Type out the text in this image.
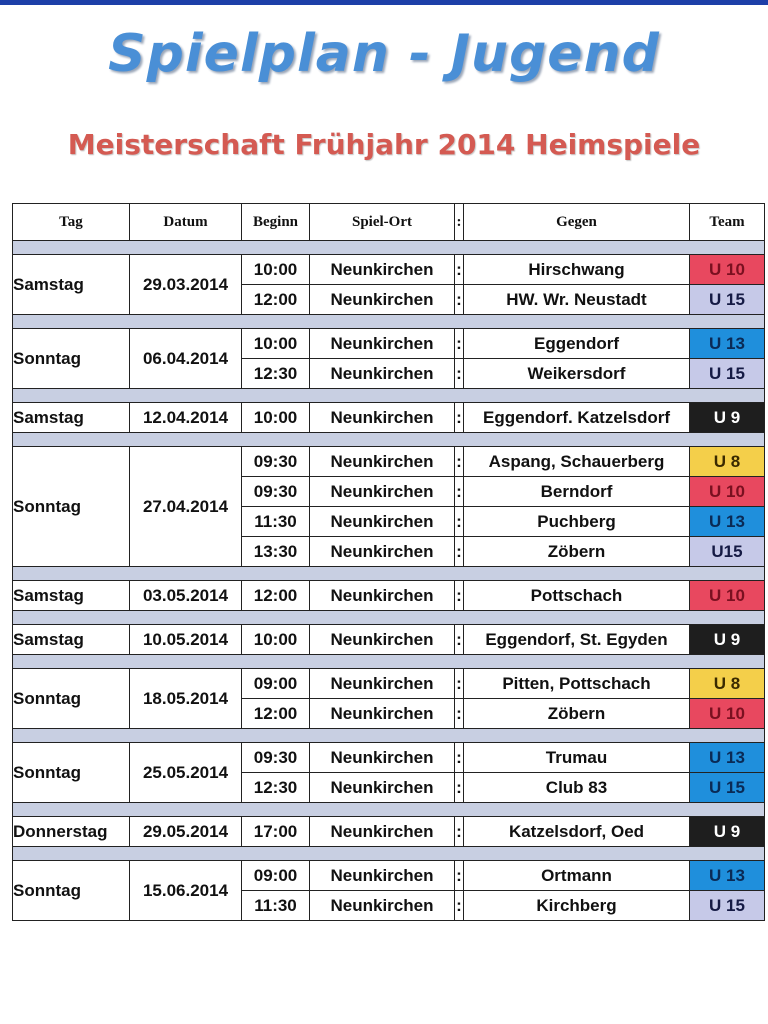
Spielplan - Jugend
Meisterschaft Frühjahr 2014 Heimspiele
Tag	Datum	Beginn	Spiel-Ort	:	Gegen	Team

Samstag	29.03.2014	10:00	Neunkirchen	:	Hirschwang	U 10
		12:00	Neunkirchen	:	HW. Wr. Neustadt	U 15

Sonntag	06.04.2014	10:00	Neunkirchen	:	Eggendorf	U 13
		12:30	Neunkirchen	:	Weikersdorf	U 15

Samstag	12.04.2014	10:00	Neunkirchen	:	Eggendorf. Katzelsdorf	U 9

Sonntag	27.04.2014	09:30	Neunkirchen	:	Aspang, Schauerberg	U 8
		09:30	Neunkirchen	:	Berndorf	U 10
		11:30	Neunkirchen	:	Puchberg	U 13
		13:30	Neunkirchen	:	Zöbern	U15

Samstag	03.05.2014	12:00	Neunkirchen	:	Pottschach	U 10

Samstag	10.05.2014	10:00	Neunkirchen	:	Eggendorf, St. Egyden	U 9

Sonntag	18.05.2014	09:00	Neunkirchen	:	Pitten, Pottschach	U 8
		12:00	Neunkirchen	:	Zöbern	U 10

Sonntag	25.05.2014	09:30	Neunkirchen	:	Trumau	U 13
		12:30	Neunkirchen	:	Club 83	U 15

Donnerstag	29.05.2014	17:00	Neunkirchen	:	Katzelsdorf, Oed	U 9

Sonntag	15.06.2014	09:00	Neunkirchen	:	Ortmann	U 13
		11:30	Neunkirchen	:	Kirchberg	U 15
